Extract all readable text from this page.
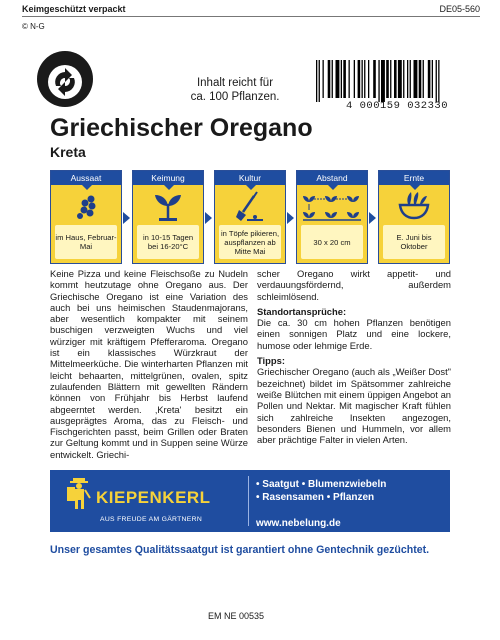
Keimgeschützt verpackt	DE05-560
© N-G
Inhalt reicht für
ca. 100 Pflanzen.
4 000159 032330
Griechischer Oregano
Kreta
Aussaat
im Haus, Februar-Mai
Keimung
in 10-15 Tagen bei 16-20°C
Kultur
in Töpfe pikieren, auspflanzen ab Mitte Mai
Abstand
30 x 20 cm
Ernte
E. Juni bis Oktober
Keine Pizza und keine Fleischsoße zu Nudeln kommt heutzutage ohne Oregano aus. Der Griechische Oregano ist eine Variation des auch bei uns heimischen Staudenmajorans, aber wesentlich kompakter mit seinem buschigen verzweigten Wuchs und viel würziger mit kräftigem Pfefferaroma. Oregano ist ein klassisches Würzkraut der Mittelmeerküche. Die winterharten Pflanzen mit leicht behaarten, mittelgrünen, ovalen, spitz zulaufenden Blättern mit gewellten Rändern können von Frühjahr bis Herbst laufend abgeerntet werden. ‚Kreta' besitzt ein ausgeprägtes Aroma, das zu Fleisch- und Fischgerichten passt, beim Grillen oder Braten zur Geltung kommt und in Suppen seine Würze entwickelt. Griechi-

scher Oregano wirkt appetit- und verdauungsfördernd, außerdem schleimlösend.

Standortansprüche:

Die ca. 30 cm hohen Pflanzen benötigen einen sonnigen Platz und eine lockere, humose oder lehmige Erde.

Tipps:

Griechischer Oregano (auch als „Weißer Dost" bezeichnet) bildet im Spätsommer zahlreiche weiße Blütchen mit einem üppigen Angebot an Pollen und Nektar. Mit magischer Kraft fühlen sich zahlreiche Insekten angezogen, besonders Bienen und Hummeln, vor allem aber prächtige Falter in vielen Arten.

KIEPENKERL
AUS FREUDE AM GÄRTNERN
• Saatgut • Blumenzwiebeln
• Rasensamen • Pflanzen
www.nebelung.de
Unser gesamtes Qualitätssaatgut ist garantiert ohne Gentechnik gezüchtet.
EM NE 00535
